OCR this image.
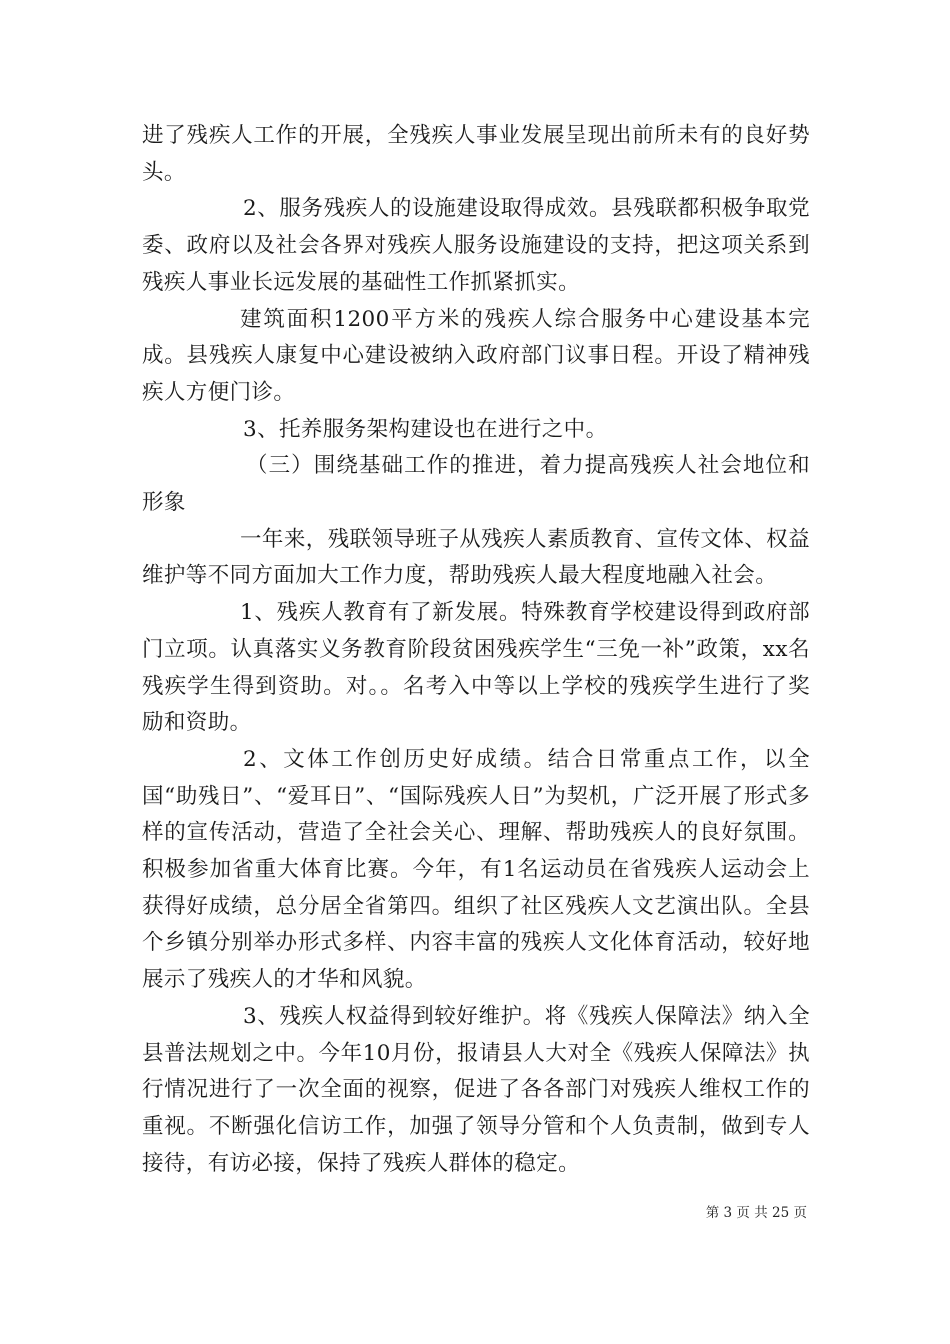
进了残疾人工作的开展，全残疾人事业发展呈现出前所未有的良好势头。

2、服务残疾人的设施建设取得成效。县残联都积极争取党委、政府以及社会各界对残疾人服务设施建设的支持，把这项关系到残疾人事业长远发展的基础性工作抓紧抓实。

建筑面积1200平方米的残疾人综合服务中心建设基本完成。县残疾人康复中心建设被纳入政府部门议事日程。开设了精神残疾人方便门诊。

3、托养服务架构建设也在进行之中。

（三）围绕基础工作的推进，着力提高残疾人社会地位和形象

一年来，残联领导班子从残疾人素质教育、宣传文体、权益维护等不同方面加大工作力度，帮助残疾人最大程度地融入社会。

1、残疾人教育有了新发展。特殊教育学校建设得到政府部门立项。认真落实义务教育阶段贫困残疾学生“三免一补”政策，xx名残疾学生得到资助。对。。名考入中等以上学校的残疾学生进行了奖励和资助。

2、文体工作创历史好成绩。结合日常重点工作，以全国“助残日”、“爱耳日”、“国际残疾人日”为契机，广泛开展了形式多样的宣传活动，营造了全社会关心、理解、帮助残疾人的良好氛围。积极参加省重大体育比赛。今年，有1名运动员在省残疾人运动会上获得好成绩，总分居全省第四。组织了社区残疾人文艺演出队。全县个乡镇分别举办形式多样、内容丰富的残疾人文化体育活动，较好地展示了残疾人的才华和风貌。

3、残疾人权益得到较好维护。将《残疾人保障法》纳入全县普法规划之中。今年10月份，报请县人大对全《残疾人保障法》执行情况进行了一次全面的视察，促进了各各部门对残疾人维权工作的重视。不断强化信访工作，加强了领导分管和个人负责制，做到专人接待，有访必接，保持了残疾人群体的稳定。

第 3 页 共 25 页
